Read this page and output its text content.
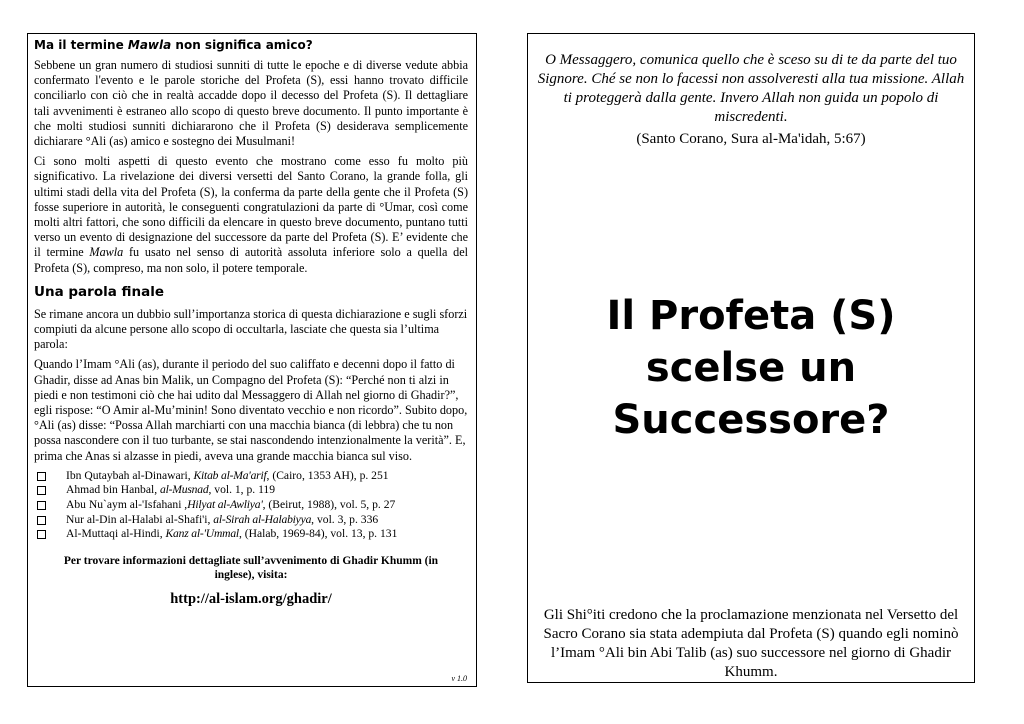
Ma il termine Mawla non significa amico?

Sebbene un gran numero di studiosi sunniti di tutte le epoche e di diverse vedute abbia confermato l'evento e le parole storiche del Profeta (S), essi hanno trovato difficile conciliarlo con ciò che in realtà accadde dopo il decesso del Profeta (S). Il dettagliare tali avvenimenti è estraneo allo scopo di questo breve documento. Il punto importante è che molti studiosi sunniti dichiararono che il Profeta (S) desiderava semplicemente dichiarare °Ali (as) amico e sostegno dei Musulmani!

Ci sono molti aspetti di questo evento che mostrano come esso fu molto più significativo. La rivelazione dei diversi versetti del Santo Corano, la grande folla, gli ultimi stadi della vita del Profeta (S), la conferma da parte della gente che il Profeta (S) fosse superiore in autorità, le conseguenti congratulazioni da parte di °Umar, così come molti altri fattori, che sono difficili da elencare in questo breve documento, puntano tutti verso un evento di designazione del successore da parte del Profeta (S). E’ evidente che il termine Mawla fu usato nel senso di autorità assoluta inferiore solo a quella del Profeta (S), compreso, ma non solo, il potere temporale.

Una parola finale

Se rimane ancora un dubbio sull’importanza storica di questa dichiarazione e sugli sforzi compiuti da alcune persone allo scopo di occultarla, lasciate che questa sia l’ultima parola:

Quando l’Imam °Ali (as), durante il periodo del suo califfato e decenni dopo il fatto di Ghadir, disse ad Anas bin Malik, un Compagno del Profeta (S): “Perché non ti alzi in piedi e non testimoni ciò che hai udito dal Messaggero di Allah nel giorno di Ghadir?”, egli rispose: “O Amir al-Mu’minin! Sono diventato vecchio e non ricordo”. Subito dopo, °Ali (as) disse: “Possa Allah marchiarti con una macchia bianca (di lebbra) che tu non possa nascondere con il tuo turbante, se stai nascondendo intenzionalmente la verità”. E, prima che Anas si alzasse in piedi, aveva una grande macchia bianca sul viso.

Ibn Qutaybah al-Dinawari, Kitab al-Ma'arif, (Cairo, 1353 AH), p. 251
Ahmad bin Hanbal, al-Musnad, vol. 1, p. 119
Abu Nu`aym al-'Isfahani ,Hilyat al-Awliya', (Beirut, 1988), vol. 5, p. 27
Nur al-Din al-Halabi al-Shafi'i, al-Sirah al-Halabiyya, vol. 3, p. 336
Al-Muttaqi al-Hindi, Kanz al-'Ummal, (Halab, 1969-84), vol. 13, p. 131
Per trovare informazioni dettagliate sull’avvenimento di Ghadir Khumm (in inglese), visita:
http://al-islam.org/ghadir/
v 1.0
O Messaggero, comunica quello che è sceso su di te da parte del tuo Signore. Ché se non lo facessi non assolveresti alla tua missione. Allah ti proteggerà dalla gente. Invero Allah non guida un popolo di miscredenti.
(Santo Corano, Sura al-Ma'idah, 5:67)
Il Profeta (S)
scelse un
Successore?
Gli Shi°iti credono che la proclamazione menzionata nel Versetto del Sacro Corano sia stata adempiuta dal Profeta (S) quando egli nominò l’Imam °Ali bin Abi Talib (as) suo successore nel giorno di Ghadir Khumm.
